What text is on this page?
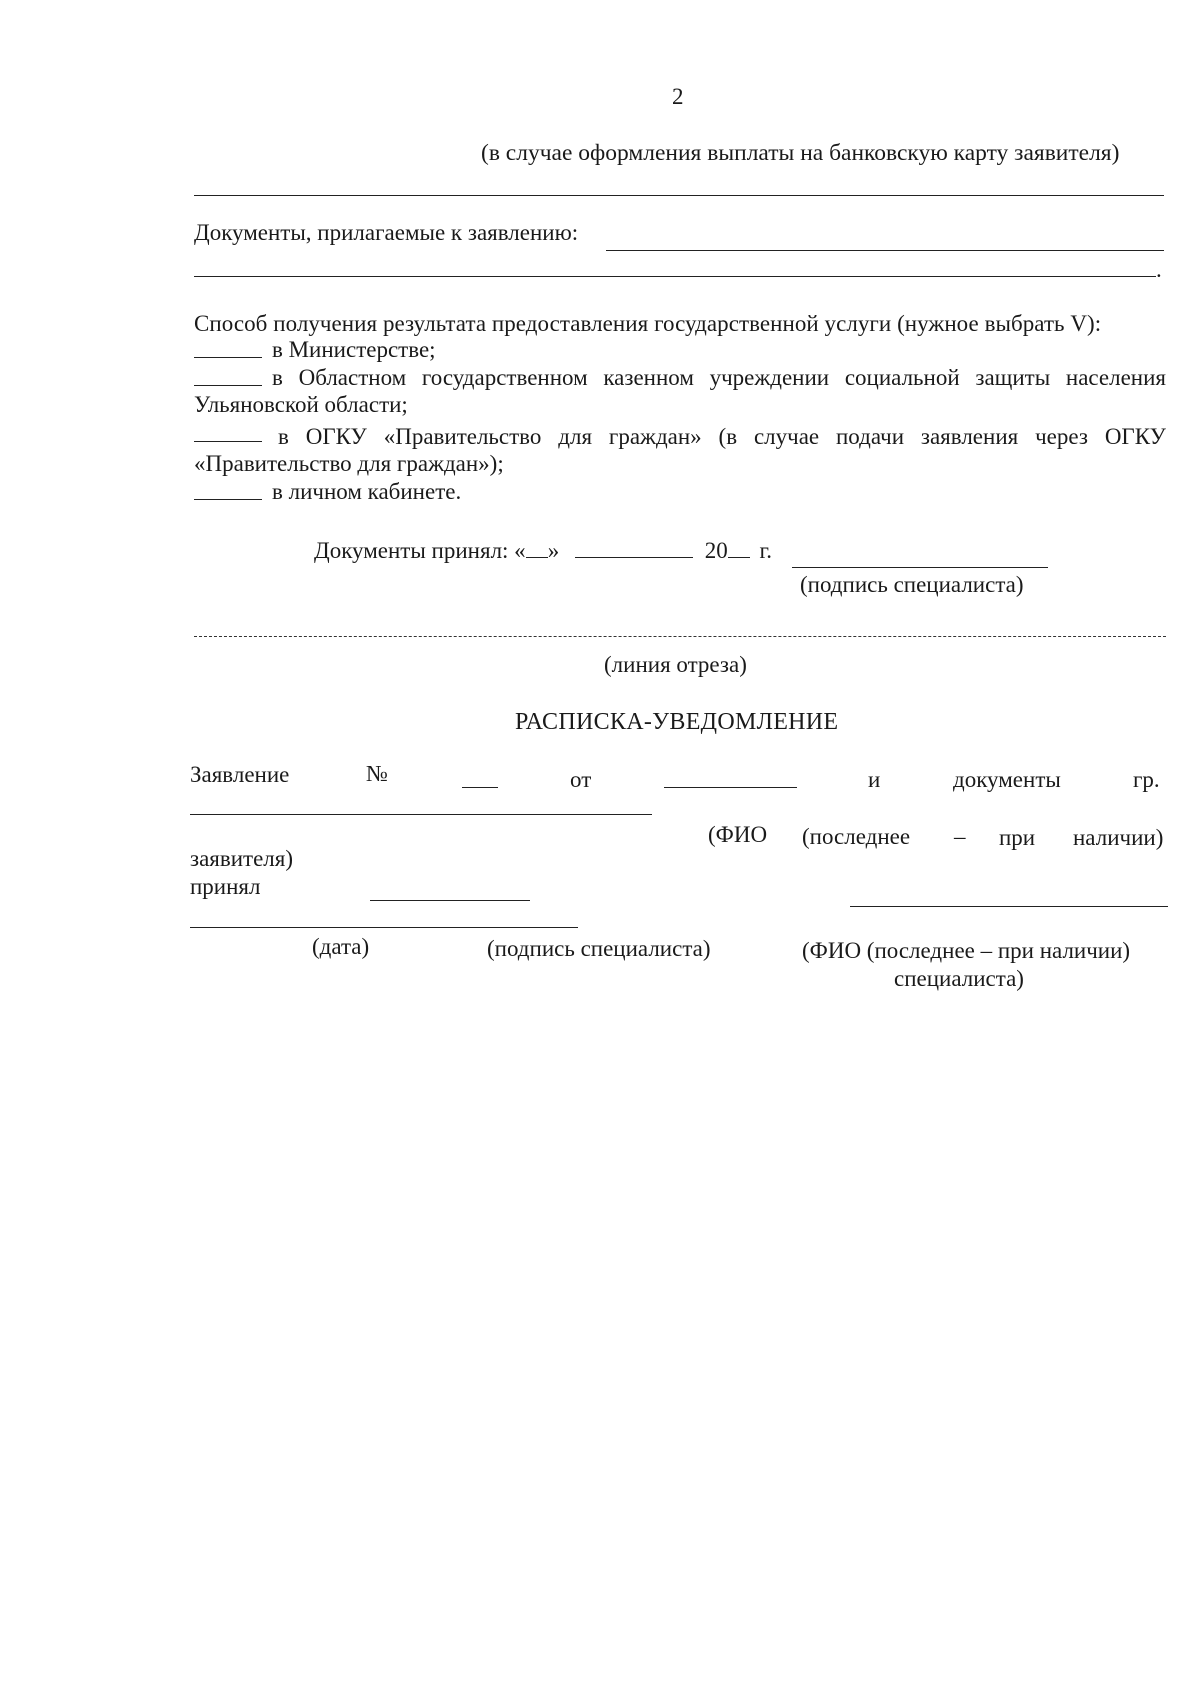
2
(в случае оформления выплаты на банковскую карту заявителя)
Документы, прилагаемые к заявлению:
.
Способ получения результата предоставления государственной услуги (нужное выбрать V):
в Министерстве;
в Областном государственном казенном учреждении социальной защиты населения
Ульяновской области;
в ОГКУ «Правительство для граждан» (в случае подачи заявления через ОГКУ
«Правительство для граждан»);
в личном кабинете.
Документы принял: « »	20 г.
(подпись специалиста)
(линия отреза)
РАСПИСКА-УВЕДОМЛЕНИЕ
Заявление	№	от	и	документы	гр.
(ФИО (последнее – при наличии)
заявителя)
принял
(дата)	(подпись специалиста)	(ФИО (последнее – при наличии)
специалиста)
